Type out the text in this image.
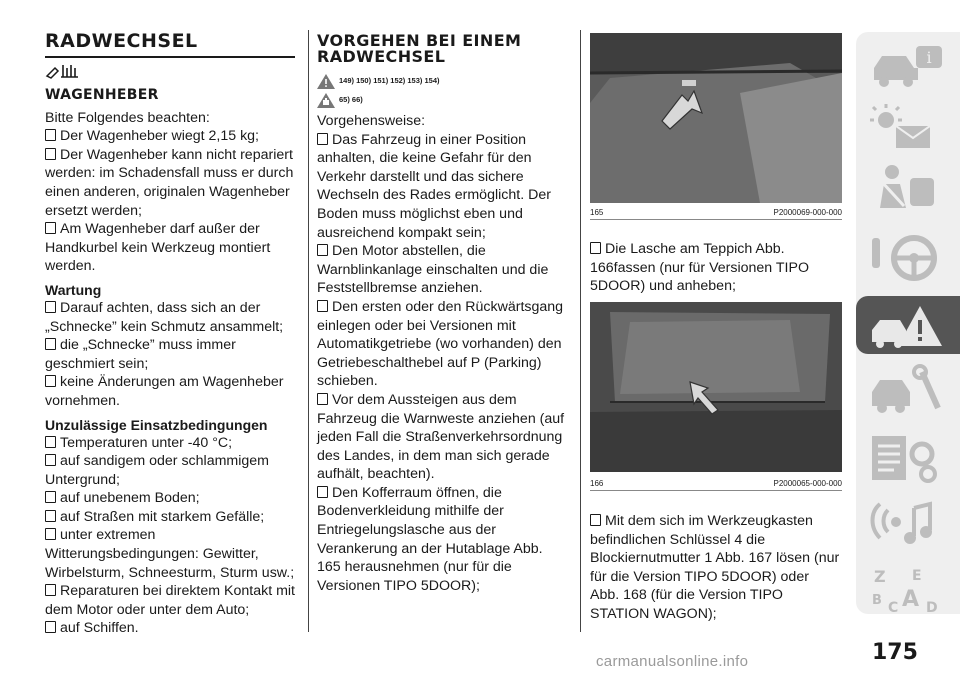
RADWECHSEL
WAGENHEBER

Bitte Folgendes beachten:

Der Wagenheber wiegt 2,15 kg;

Der Wagenheber kann nicht repariert werden: im Schadensfall muss er durch einen anderen, originalen Wagenheber ersetzt werden;

Am Wagenheber darf außer der Handkurbel kein Werkzeug montiert werden.

Wartung

Darauf achten, dass sich an der „Schnecke” kein Schmutz ansammelt;

die „Schnecke” muss immer geschmiert sein;

keine Änderungen am Wagenheber vornehmen.

Unzulässige Einsatzbedingungen

Temperaturen unter -40 °C;

auf sandigem oder schlammigem Untergrund;

auf unebenem Boden;

auf Straßen mit starkem Gefälle;

unter extremen Witterungsbedingungen: Gewitter, Wirbelsturm, Schneesturm, Sturm usw.;

Reparaturen bei direktem Kontakt mit dem Motor oder unter dem Auto;

auf Schiffen.

VORGEHEN BEI EINEM
RADWECHSEL
149) 150) 151) 152) 153) 154)
65) 66)

Vorgehensweise:

Das Fahrzeug in einer Position anhalten, die keine Gefahr für den Verkehr darstellt und das sichere Wechseln des Rades ermöglicht. Der Boden muss möglichst eben und ausreichend kompakt sein;

Den Motor abstellen, die Warnblinkanlage einschalten und die Feststellbremse anziehen.

Den ersten oder den Rückwärtsgang einlegen oder bei Versionen mit Automatikgetriebe (wo vorhanden) den Getriebeschalthebel auf P (Parking) schieben.

Vor dem Aussteigen aus dem Fahrzeug die Warnweste anziehen (auf jeden Fall die Straßenverkehrsordnung des Landes, in dem man sich gerade aufhält, beachten).

Den Kofferraum öffnen, die Bodenverkleidung mithilfe der Entriegelungslasche aus der Verankerung an der Hutablage Abb. 165 herausnehmen (nur für die Versionen TIPO 5DOOR);

165	P2000069-000-000

Die Lasche am Teppich Abb. 166fassen (nur für Versionen TIPO 5DOOR) und anheben;

166	P2000065-000-000

Mit dem sich im Werkzeugkasten befindlichen Schlüssel 4 die Blockiernutmutter 1 Abb. 167 lösen (nur für die Version TIPO 5DOOR) oder Abb. 168 (für die Version TIPO STATION WAGON);

i
Z E
B C A D
175
carmanualsonline.info
